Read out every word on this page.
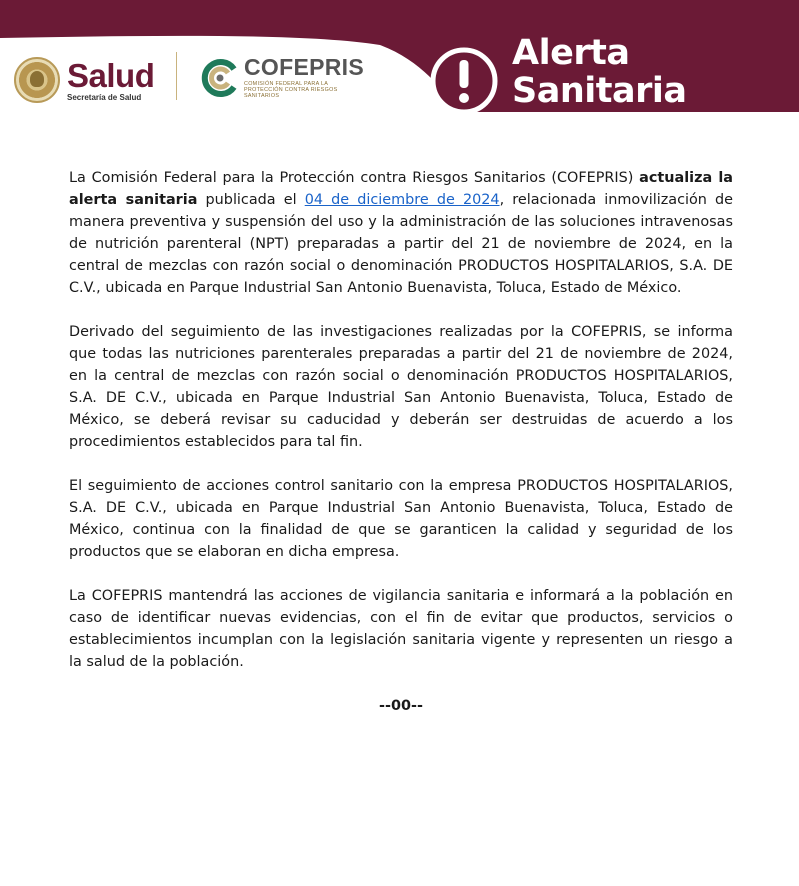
Salud
Secretaría de Salud
COFEPRIS
COMISIÓN FEDERAL PARA LA PROTECCIÓN CONTRA RIESGOS SANITARIOS
Alerta
Sanitaria

La Comisión Federal para la Protección contra Riesgos Sanitarios (COFEPRIS) actualiza la alerta sanitaria publicada el 04 de diciembre de 2024, relacionada inmovilización de manera preventiva y suspensión del uso y la administración de las soluciones intravenosas de nutrición parenteral (NPT) preparadas a partir del 21 de noviembre de 2024, en la central de mezclas con razón social o denominación PRODUCTOS HOSPITALARIOS, S.A. DE C.V., ubicada en Parque Industrial San Antonio Buenavista, Toluca, Estado de México.

Derivado del seguimiento de las investigaciones realizadas por la COFEPRIS, se informa que todas las nutriciones parenterales preparadas a partir del 21 de noviembre de 2024, en la central de mezclas con razón social o denominación PRODUCTOS HOSPITALARIOS, S.A. DE C.V., ubicada en Parque Industrial San Antonio Buenavista, Toluca, Estado de México, se deberá revisar su caducidad y deberán ser destruidas de acuerdo a los procedimientos establecidos para tal fin.

El seguimiento de acciones control sanitario con la empresa PRODUCTOS HOSPITALARIOS, S.A. DE C.V., ubicada en Parque Industrial San Antonio Buenavista, Toluca, Estado de México, continua con la finalidad de que se garanticen la calidad y seguridad de los productos que se elaboran en dicha empresa.

La COFEPRIS mantendrá las acciones de vigilancia sanitaria e informará a la población en caso de identificar nuevas evidencias, con el fin de evitar que productos, servicios o establecimientos incumplan con la legislación sanitaria vigente y representen un riesgo a la salud de la población.

--00--
